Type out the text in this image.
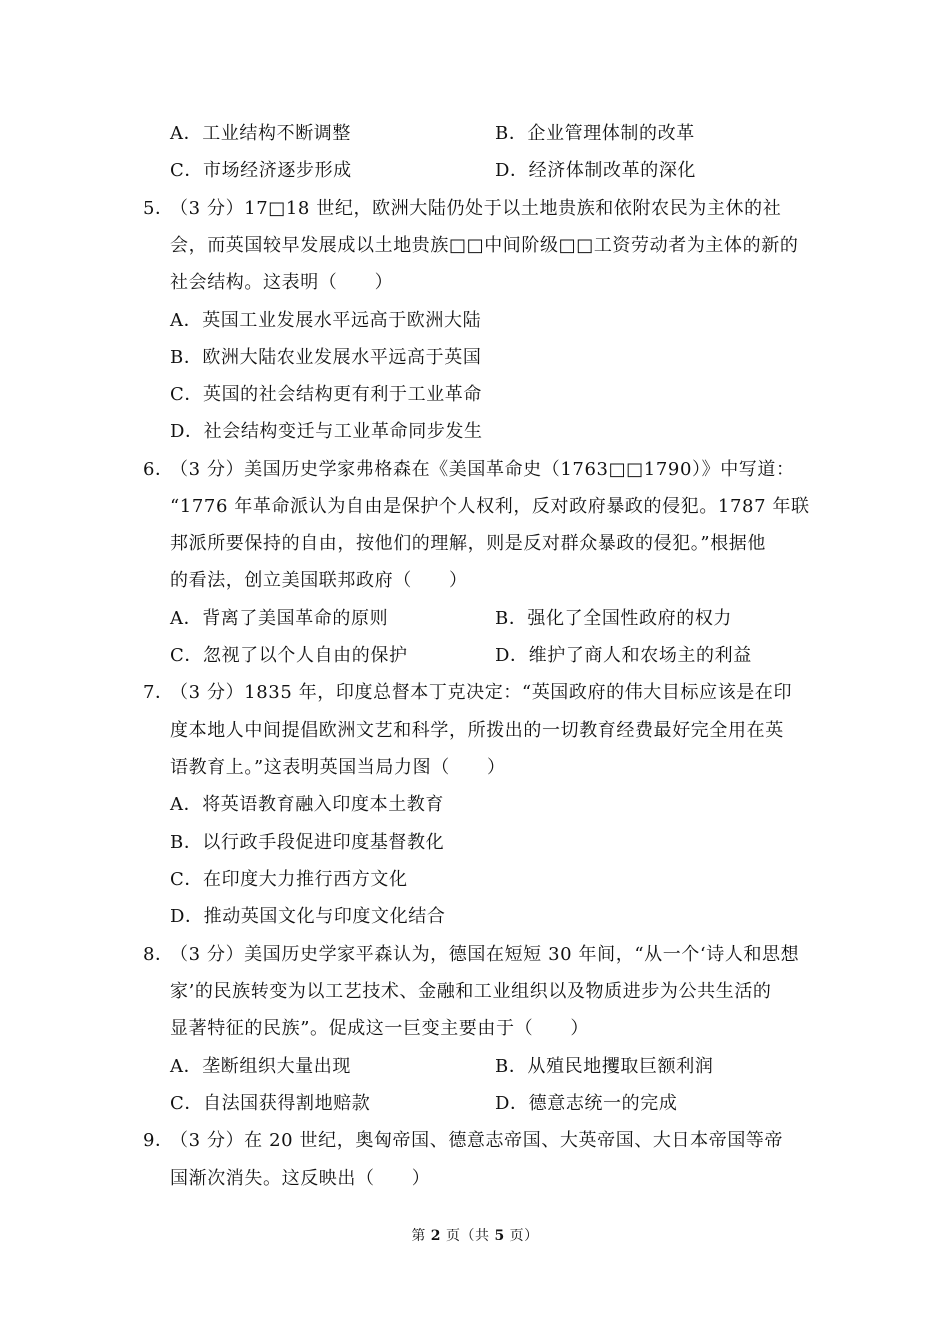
A．工业结构不断调整	B．企业管理体制的改革
C．市场经济逐步形成	D．经济体制改革的深化
5．
（3 分）17□18 世纪，欧洲大陆仍处于以土地贵族和依附农民为主休的社
会，而英国较早发展成以土地贵族□□中间阶级□□工资劳动者为主体的新的
社会结构。这表明（　　）
A．英国工业发展水平远高于欧洲大陆
B．欧洲大陆农业发展水平远高于英国
C．英国的社会结构更有利于工业革命
D．社会结构变迁与工业革命同步发生
6．
（3 分）美国历史学家弗格森在《美国革命史（1763□□1790）》中写道：
“1776 年革命派认为自由是保护个人权利，反对政府暴政的侵犯。1787 年联
邦派所要保持的自由，按他们的理解，则是反对群众暴政的侵犯。”根据他
的看法，创立美国联邦政府（　　）
A．背离了美国革命的原则	B．强化了全国性政府的权力
C．忽视了以个人自由的保护	D．维护了商人和农场主的利益
7．
（3 分）1835 年，印度总督本丁克决定：“英国政府的伟大目标应该是在印
度本地人中间提倡欧洲文艺和科学，所拨出的一切教育经费最好完全用在英
语教育上。”这表明英国当局力图（　　）
A．将英语教育融入印度本土教育
B．以行政手段促进印度基督教化
C．在印度大力推行西方文化
D．推动英国文化与印度文化结合
8．
（3 分）美国历史学家平森认为，德国在短短 30 年间，“从一个‘诗人和思想
家’的民族转变为以工艺技术、金融和工业组织以及物质进步为公共生活的
显著特征的民族”。促成这一巨变主要由于（　　）
A．垄断组织大量出现	B．从殖民地攫取巨额利润
C．自法国获得割地赔款	D．德意志统一的完成
9．
（3 分）在 20 世纪，奥匈帝国、德意志帝国、大英帝国、大日本帝国等帝
国渐次消失。这反映出（　　）
第 2 页（共 5 页）
